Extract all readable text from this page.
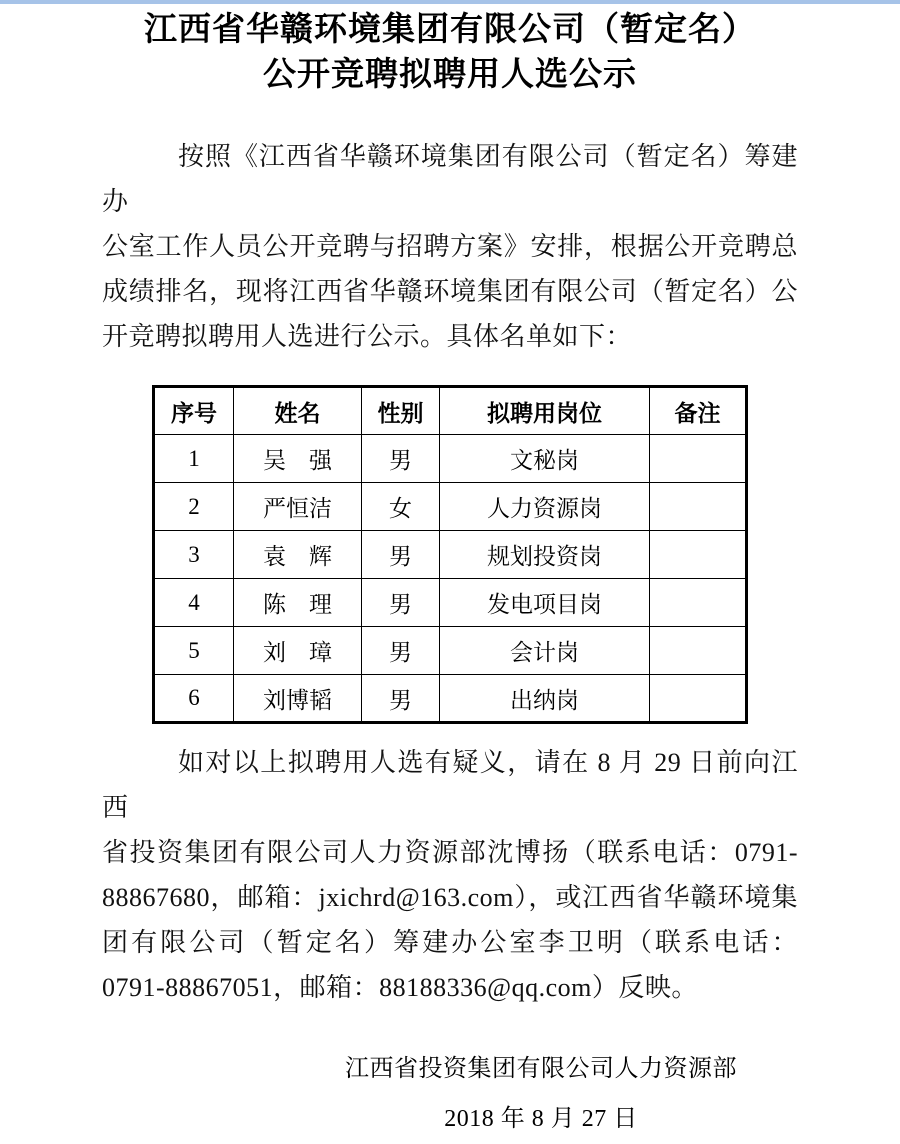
江西省华赣环境集团有限公司（暂定名）
公开竞聘拟聘用人选公示

按照《江西省华赣环境集团有限公司（暂定名）筹建办

公室工作人员公开竞聘与招聘方案》安排，根据公开竞聘总

成绩排名，现将江西省华赣环境集团有限公司（暂定名）公

开竞聘拟聘用人选进行公示。具体名单如下：

序号	姓名	性别	拟聘用岗位	备注
1	吴　强	男	文秘岗	
2	严恒洁	女	人力资源岗	
3	袁　辉	男	规划投资岗	
4	陈　理	男	发电项目岗	
5	刘　璋	男	会计岗	
6	刘博韬	男	出纳岗	

如对以上拟聘用人选有疑义，请在 8 月 29 日前向江西

省投资集团有限公司人力资源部沈博扬（联系电话：0791-

88867680，邮箱：jxichrd@163.com），或江西省华赣环境集

团有限公司（暂定名）筹建办公室李卫明（联系电话：

0791-88867051，邮箱：88188336@qq.com）反映。

江西省投资集团有限公司人力资源部

2018 年 8 月 27 日
